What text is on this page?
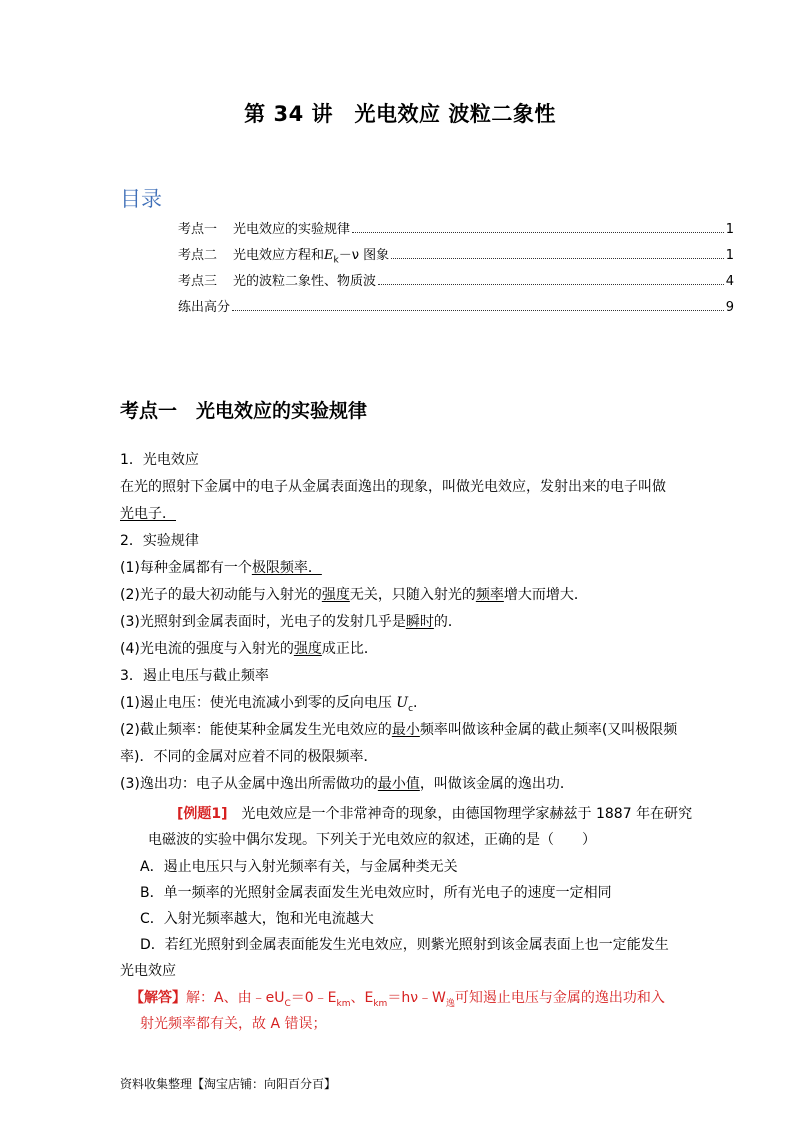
第 34 讲　光电效应 波粒二象性
目录
考点一 光电效应的实验规律	1
考点二 光电效应方程和$E_k-\nu$ 图象	1
考点三 光的波粒二象性、物质波	4
练出高分	9
考点一　光电效应的实验规律
1．光电效应
在光的照射下金属中的电子从金属表面逸出的现象，叫做光电效应，发射出来的电子叫做
光电子．
2．实验规律
(1)每种金属都有一个极限频率．
(2)光子的最大初动能与入射光的强度无关，只随入射光的频率增大而增大．
(3)光照射到金属表面时，光电子的发射几乎是瞬时的．
(4)光电流的强度与入射光的强度成正比．
3．遏止电压与截止频率
(1)遏止电压：使光电流减小到零的反向电压 $U_c$.
(2)截止频率：能使某种金属发生光电效应的最小频率叫做该种金属的截止频率(又叫极限频
率)．不同的金属对应着不同的极限频率．
(3)逸出功：电子从金属中逸出所需做功的最小值，叫做该金属的逸出功．
[例题1]　 光电效应是一个非常神奇的现象，由德国物理学家赫兹于 1887 年在研究
电磁波的实验中偶尔发现。下列关于光电效应的叙述，正确的是（　　）
A．遏止电压只与入射光频率有关，与金属种类无关
B．单一频率的光照射金属表面发生光电效应时，所有光电子的速度一定相同
C．入射光频率越大，饱和光电流越大
D．若红光照射到金属表面能发生光电效应，则紫光照射到该金属表面上也一定能发生
光电效应
【解答】解：A、由$﹣eU_C=0﹣E_{km}$、$E_{km}=h\nu﹣W_逸$可知遏止电压与金属的逸出功和入
射光频率都有关，故 A 错误；
资料收集整理【淘宝店铺：向阳百分百】
